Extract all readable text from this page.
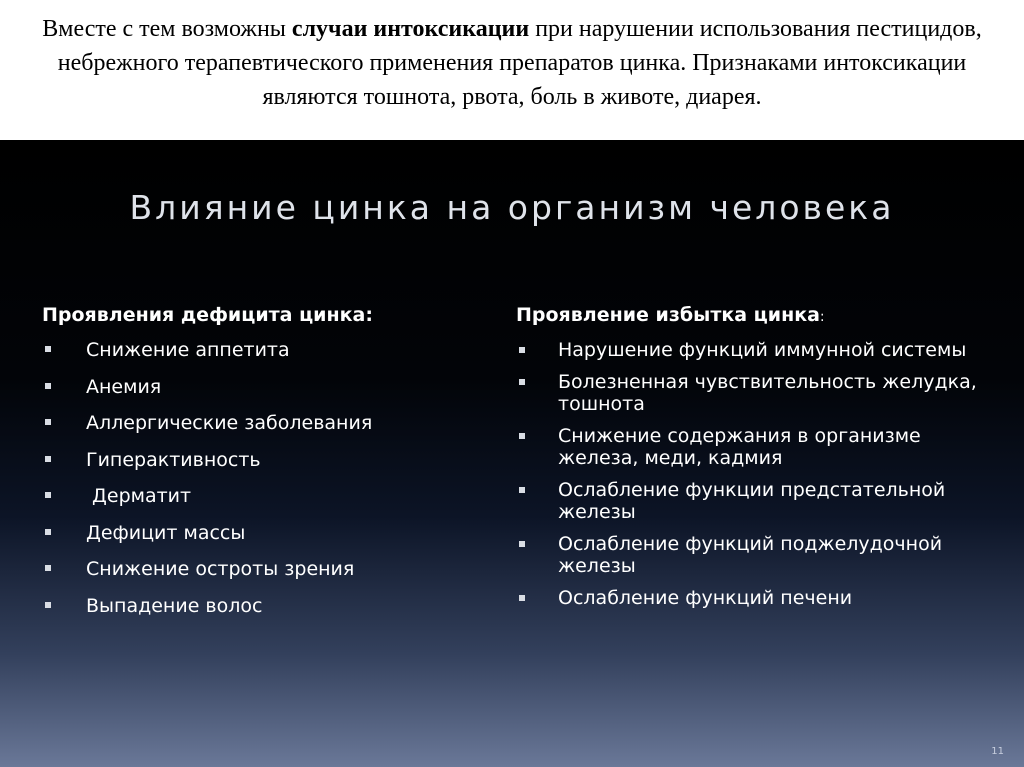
Вместе с тем возможны случаи интоксикации при нарушении использования пестицидов, небрежного терапевтического применения препаратов цинка. Признаками интоксикации являются тошнота, рвота, боль в животе, диарея.
Влияние цинка на организм человека
Проявления дефицита цинка:
Снижение аппетита
Анемия
Аллергические заболевания
Гиперактивность
Дерматит
Дефицит массы
Снижение остроты зрения
Выпадение волос
Проявление избытка цинка:
Нарушение функций иммунной системы
Болезненная чувствительность желудка, тошнота
Снижение содержания в организме железа, меди, кадмия
Ослабление функции предстательной железы
Ослабление функций поджелудочной железы
Ослабление функций печени
11
